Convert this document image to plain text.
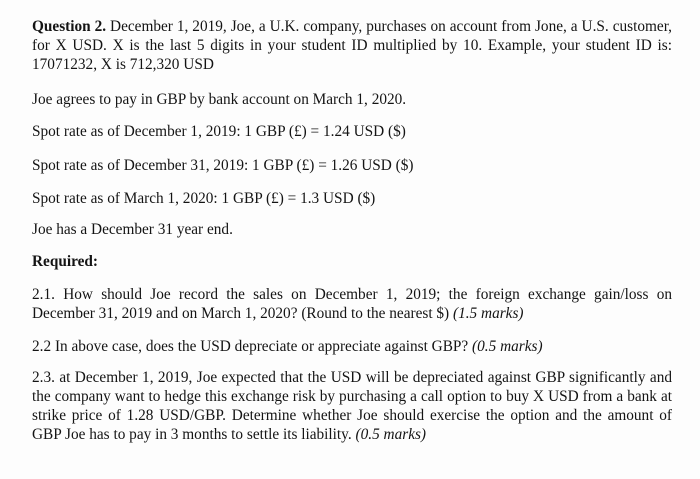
Question 2. December 1, 2019, Joe, a U.K. company, purchases on account from Jone, a U.S. customer, for X USD. X is the last 5 digits in your student ID multiplied by 10. Example, your student ID is: 17071232, X is 712,320 USD
Joe agrees to pay in GBP by bank account on March 1, 2020.
Spot rate as of December 1, 2019: 1 GBP (£) = 1.24 USD ($)
Spot rate as of December 31, 2019: 1 GBP (£) = 1.26 USD ($)
Spot rate as of March 1, 2020: 1 GBP (£) = 1.3 USD ($)
Joe has a December 31 year end.
Required:
2.1. How should Joe record the sales on December 1, 2019; the foreign exchange gain/loss on December 31, 2019 and on March 1, 2020? (Round to the nearest $) (1.5 marks)
2.2 In above case, does the USD depreciate or appreciate against GBP? (0.5 marks)
2.3. at December 1, 2019, Joe expected that the USD will be depreciated against GBP significantly and the company want to hedge this exchange risk by purchasing a call option to buy X USD from a bank at strike price of 1.28 USD/GBP. Determine whether Joe should exercise the option and the amount of GBP Joe has to pay in 3 months to settle its liability. (0.5 marks)
